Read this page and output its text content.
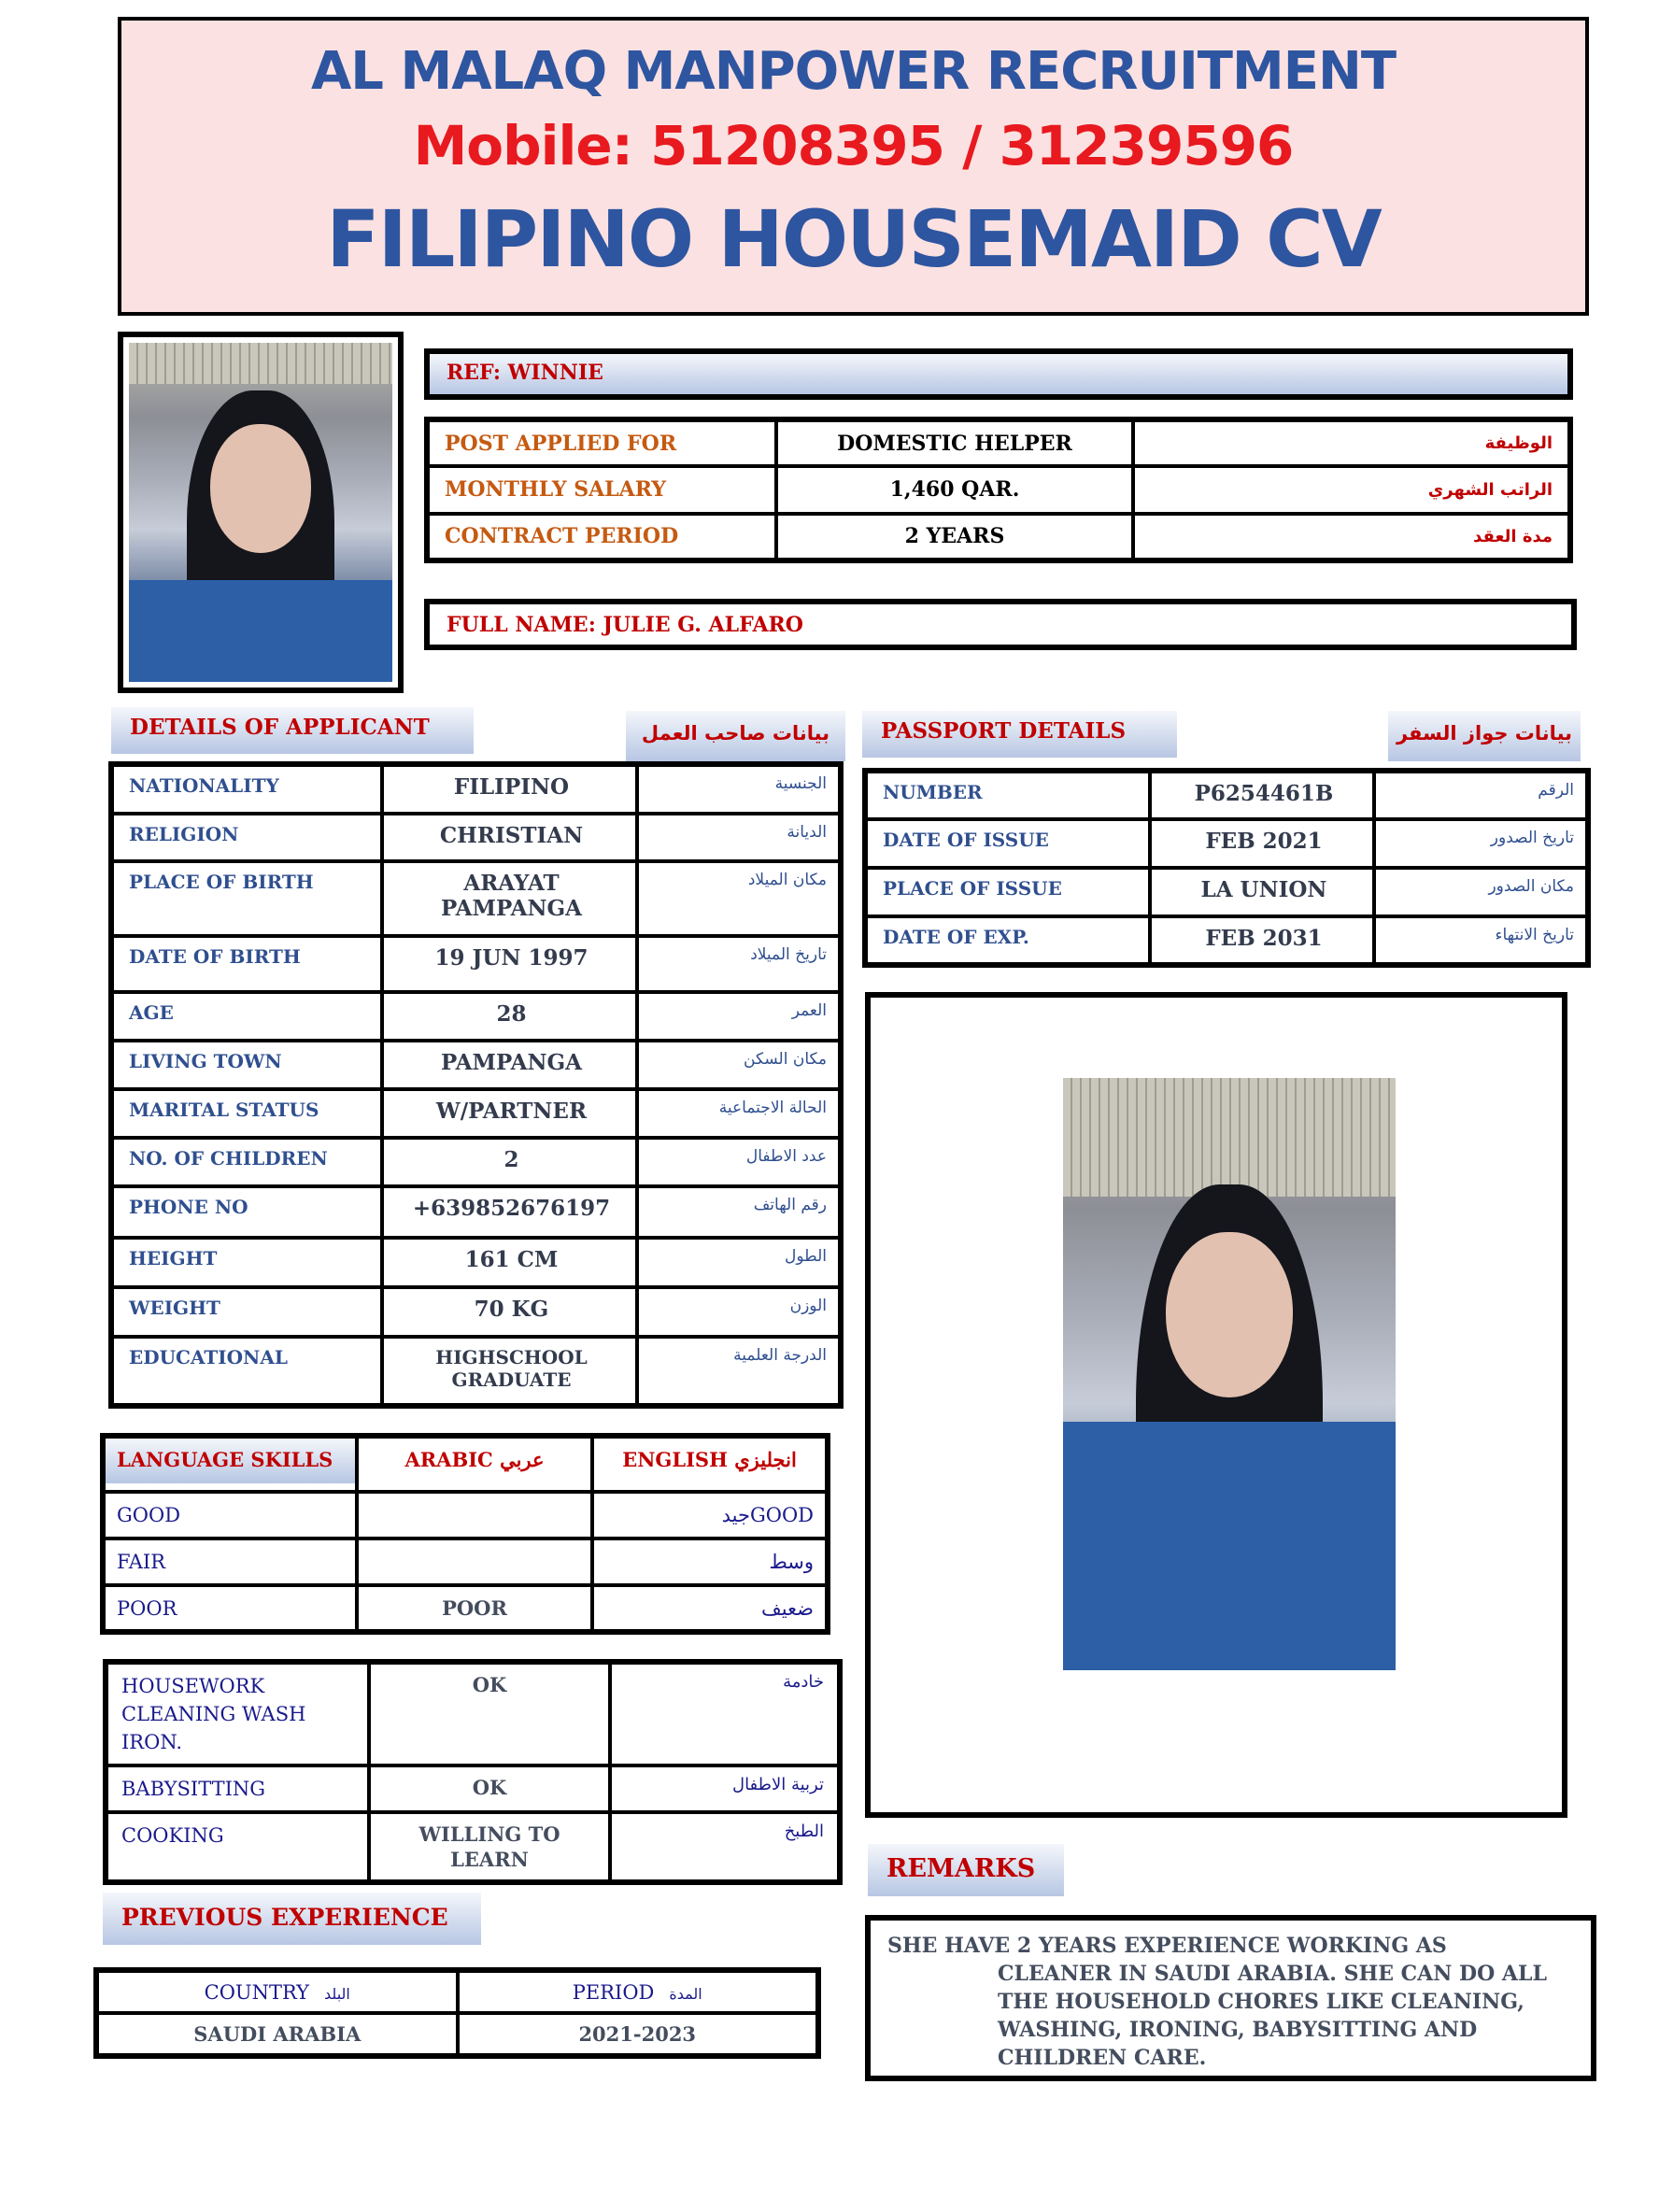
AL MALAQ MANPOWER RECRUITMENT
Mobile: 51208395 / 31239596
FILIPINO HOUSEMAID CV
REF: WINNIE
POST APPLIED FOR	DOMESTIC HELPER	الوظيفة
MONTHLY SALARY	1,460 QAR.	الراتب الشهري
CONTRACT PERIOD	2 YEARS	مدة العقد
FULL NAME: JULIE G. ALFARO
DETAILS OF APPLICANT	بيانات صاحب العمل	PASSPORT DETAILS	بيانات جواز السفر
NATIONALITY	FILIPINO	الجنسية
RELIGION	CHRISTIAN	الديانة
PLACE OF BIRTH	ARAYAT PAMPANGA	مكان الميلاد
DATE OF BIRTH	19 JUN 1997	تاريخ الميلاد
AGE	28	العمر
LIVING TOWN	PAMPANGA	مكان السكن
MARITAL STATUS	W/PARTNER	الحالة الاجتماعية
NO. OF CHILDREN	2	عدد الاطفال
PHONE NO	+639852676197	رقم الهاتف
HEIGHT	161 CM	الطول
WEIGHT	70 KG	الوزن
EDUCATIONAL	HIGHSCHOOL GRADUATE	الدرجة العلمية
NUMBER	P6254461B	الرقم
DATE OF ISSUE	FEB 2021	تاريخ الصدور
PLACE OF ISSUE	LA UNION	مكان الصدور
DATE OF EXP.	FEB 2031	تاريخ الانتهاء
LANGUAGE SKILLS	ARABIC عربي	ENGLISH انجليزي
GOOD		جيدGOOD
FAIR		وسط
POOR	POOR	ضعيف
HOUSEWORK CLEANING WASH IRON.	OK	خادمة
BABYSITTING	OK	تربية الاطفال
COOKING	WILLING TO LEARN	الطبخ
PREVIOUS EXPERIENCE
COUNTRY البلد	PERIOD المدة
SAUDI ARABIA	2021-2023
REMARKS
SHE HAVE 2 YEARS EXPERIENCE WORKING AS
CLEANER IN SAUDI ARABIA. SHE CAN DO ALL THE HOUSEHOLD CHORES LIKE CLEANING, WASHING, IRONING, BABYSITTING AND CHILDREN CARE.
